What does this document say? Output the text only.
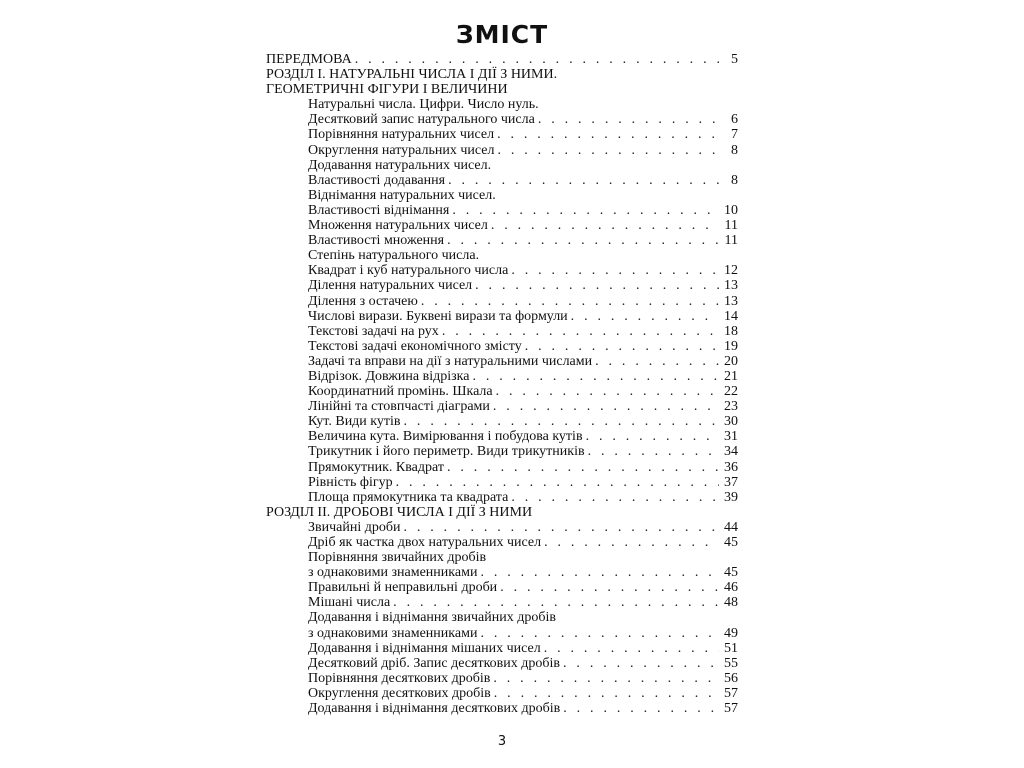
ЗМІСТ
ПЕРЕДМОВА . . .	5
РОЗДІЛ I. НАТУРАЛЬНІ ЧИСЛА І ДІЇ З НИМИ.
ГЕОМЕТРИЧНІ ФІГУРИ І ВЕЛИЧИНИ
Натуральні числа. Цифри. Число нуль.
Десятковий запис натурального числа . . .	6
Порівняння натуральних чисел . . .	7
Округлення натуральних чисел . . .	8
Додавання натуральних чисел.
Властивості додавання . . .	8
Віднімання натуральних чисел.
Властивості віднімання . . .	10
Множення натуральних чисел . . .	11
Властивості множення . . .	11
Степінь натурального числа.
Квадрат і куб натурального числа . . .	12
Ділення натуральних чисел . . .	13
Ділення з остачею . . .	13
Числові вирази. Буквені вирази та формули . . .	14
Текстові задачі на рух . . .	18
Текстові задачі економічного змісту . . .	19
Задачі та вправи на дії з натуральними числами . . .	20
Відрізок. Довжина відрізка . . .	21
Координатний промінь. Шкала . . .	22
Лінійні та стовпчасті діаграми . . .	23
Кут. Види кутів . . .	30
Величина кута. Вимірювання і побудова кутів . . .	31
Трикутник і його периметр. Види трикутників . . .	34
Прямокутник. Квадрат . . .	36
Рівність фігур . . .	37
Площа прямокутника та квадрата . . .	39
РОЗДІЛ II. ДРОБОВІ ЧИСЛА І ДІЇ З НИМИ
Звичайні дроби . . .	44
Дріб як частка двох натуральних чисел . . .	45
Порівняння звичайних дробів
з однаковими знаменниками . . .	45
Правильні й неправильні дроби . . .	46
Мішані числа . . .	48
Додавання і віднімання звичайних дробів
з однаковими знаменниками . . .	49
Додавання і віднімання мішаних чисел . . .	51
Десятковий дріб. Запис десяткових дробів . . .	55
Порівняння десяткових дробів . . .	56
Округлення десяткових дробів . . .	57
Додавання і віднімання десяткових дробів . . .	57
3
